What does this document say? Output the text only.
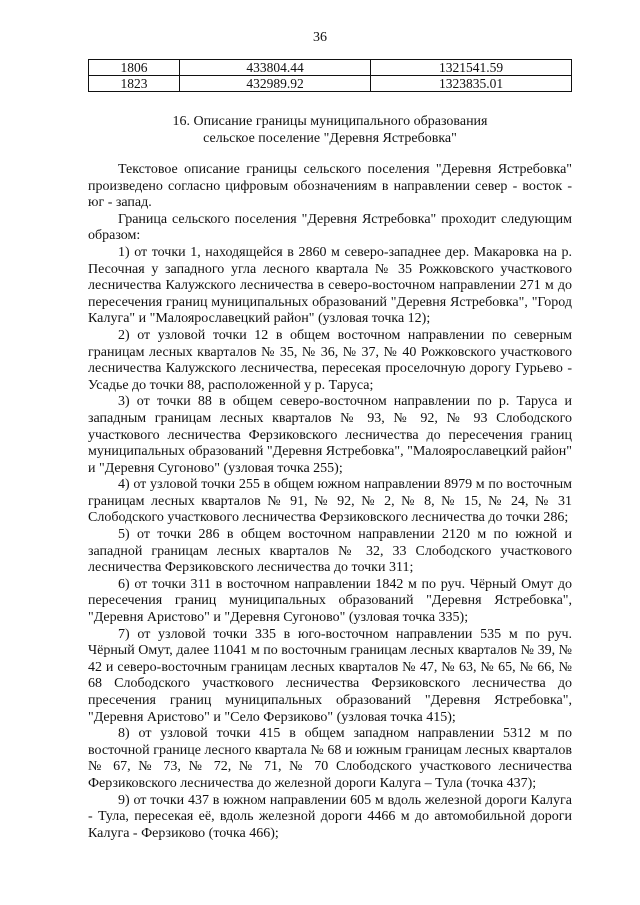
36
1806	433804.44	1321541.59
1823	432989.92	1323835.01
16. Описание границы муниципального образования
сельское поселение "Деревня Ястребовка"

Текстовое описание границы сельского поселения "Деревня Ястребовка" произведено согласно цифровым обозначениям в направлении север - восток - юг - запад.

Граница сельского поселения "Деревня Ястребовка" проходит следующим образом:

1) от точки 1, находящейся в 2860 м северо-западнее дер. Макаровка на р. Песочная у западного угла лесного квартала № 35 Рожковского участкового лесничества Калужского лесничества в северо-восточном направлении 271 м до пересечения границ муниципальных образований "Деревня Ястребовка", "Город Калуга" и "Малоярославецкий район" (узловая точка 12);

2) от узловой точки 12 в общем восточном направлении по северным границам лесных кварталов № 35, № 36, № 37, № 40 Рожковского участкового лесничества Калужского лесничества, пересекая проселочную дорогу Гурьево - Усадье до точки 88, расположенной у р. Таруса;

3) от точки 88 в общем северо-восточном направлении по р. Таруса и западным границам лесных кварталов № 93, № 92, № 93 Слободского участкового лесничества Ферзиковского лесничества до пересечения границ муниципальных образований "Деревня Ястребовка", "Малоярославецкий район" и "Деревня Сугоново" (узловая точка 255);

4) от узловой точки 255 в общем южном направлении 8979 м по восточным границам лесных кварталов № 91, № 92, № 2, № 8, № 15, № 24, № 31 Слободского участкового лесничества Ферзиковского лесничества до точки 286;

5) от точки 286 в общем восточном направлении 2120 м по южной и западной границам лесных кварталов № 32, 33 Слободского участкового лесничества Ферзиковского лесничества до точки 311;

6) от точки 311 в восточном направлении 1842 м по руч. Чёрный Омут до пересечения границ муниципальных образований "Деревня Ястребовка", "Деревня Аристово" и "Деревня Сугоново" (узловая точка 335);

7) от узловой точки 335 в юго-восточном направлении 535 м по руч. Чёрный Омут, далее 11041 м по восточным границам лесных кварталов № 39, № 42 и северо-восточным границам лесных кварталов № 47, № 63, № 65, № 66, № 68 Слободского участкового лесничества Ферзиковского лесничества до пресечения границ муниципальных образований "Деревня Ястребовка", "Деревня Аристово" и "Село Ферзиково" (узловая точка 415);

8) от узловой точки 415 в общем западном направлении 5312 м по восточной границе лесного квартала № 68 и южным границам лесных кварталов № 67, № 73, № 72, № 71, № 70 Слободского участкового лесничества Ферзиковского лесничества до железной дороги Калуга – Тула (точка 437);

9) от точки 437 в южном направлении 605 м вдоль железной дороги Калуга - Тула, пересекая её, вдоль железной дороги 4466 м до автомобильной дороги Калуга - Ферзиково (точка 466);
